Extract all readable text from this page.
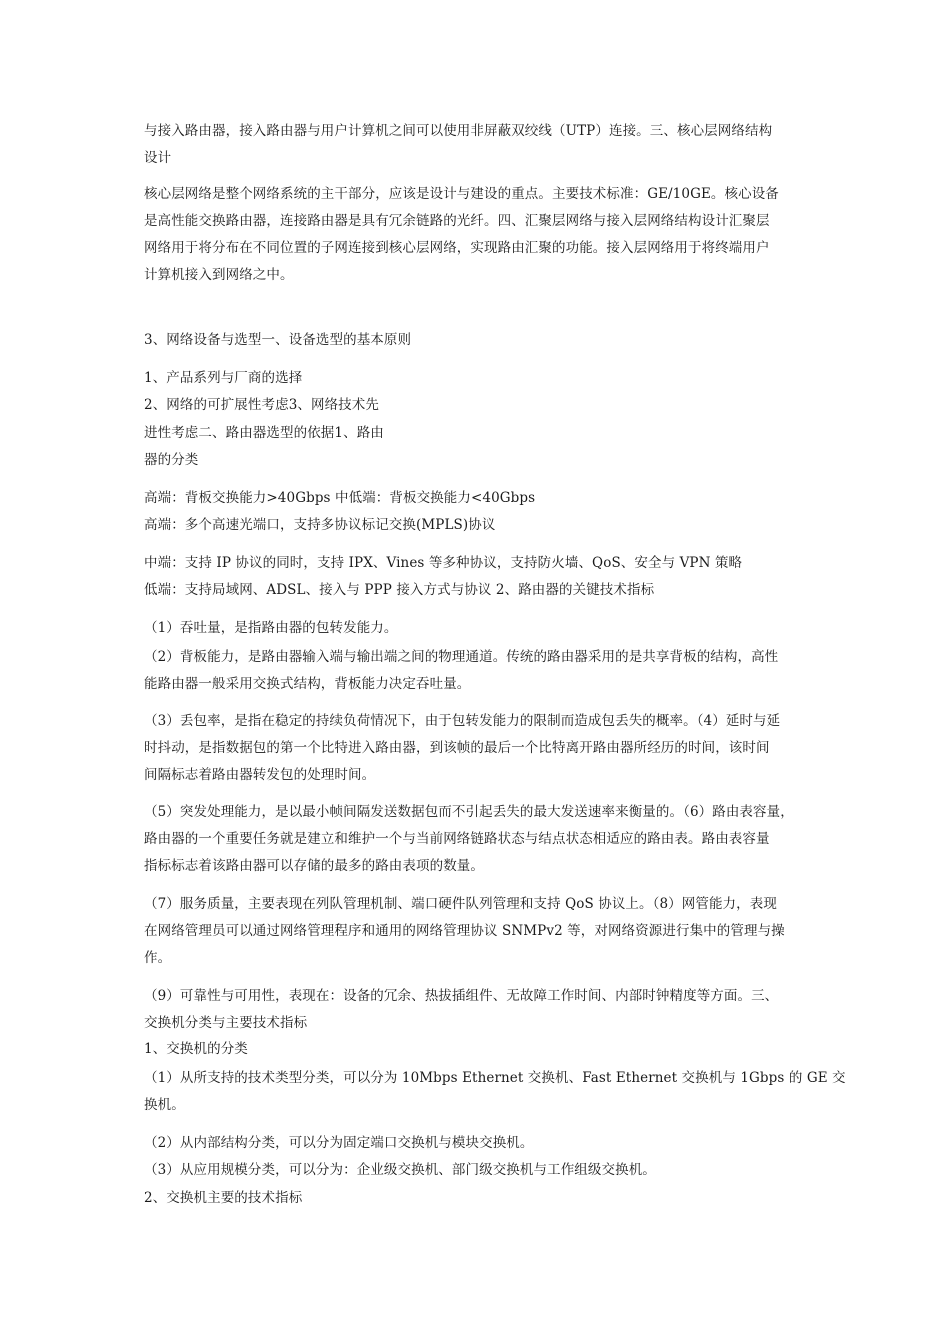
与接入路由器，接入路由器与用户计算机之间可以使用非屏蔽双绞线（UTP）连接。三、核心层网络结构
设计
核心层网络是整个网络系统的主干部分，应该是设计与建设的重点。主要技术标准：GE/10GE。核心设备
是高性能交换路由器，连接路由器是具有冗余链路的光纤。四、汇聚层网络与接入层网络结构设计汇聚层
网络用于将分布在不同位置的子网连接到核心层网络，实现路由汇聚的功能。接入层网络用于将终端用户
计算机接入到网络之中。
3、网络设备与选型一、设备选型的基本原则
1、产品系列与厂商的选择
2、网络的可扩展性考虑3、网络技术先
进性考虑二、路由器选型的依据1、路由
器的分类
高端：背板交换能力>40Gbps 中低端：背板交换能力<40Gbps
高端：多个高速光端口，支持多协议标记交换(MPLS)协议
中端：支持 IP 协议的同时，支持 IPX、Vines 等多种协议，支持防火墙、QoS、安全与 VPN 策略
低端：支持局域网、ADSL、接入与 PPP 接入方式与协议 2、路由器的关键技术指标
（1）吞吐量，是指路由器的包转发能力。
（2）背板能力，是路由器输入端与输出端之间的物理通道。传统的路由器采用的是共享背板的结构，高性
能路由器一般采用交换式结构，背板能力决定吞吐量。
（3）丢包率，是指在稳定的持续负荷情况下，由于包转发能力的限制而造成包丢失的概率。（4）延时与延
时抖动，是指数据包的第一个比特进入路由器，到该帧的最后一个比特离开路由器所经历的时间，该时间
间隔标志着路由器转发包的处理时间。
（5）突发处理能力，是以最小帧间隔发送数据包而不引起丢失的最大发送速率来衡量的。（6）路由表容量，
路由器的一个重要任务就是建立和维护一个与当前网络链路状态与结点状态相适应的路由表。路由表容量
指标标志着该路由器可以存储的最多的路由表项的数量。
（7）服务质量，主要表现在列队管理机制、端口硬件队列管理和支持 QoS 协议上。（8）网管能力，表现
在网络管理员可以通过网络管理程序和通用的网络管理协议 SNMPv2 等，对网络资源进行集中的管理与操
作。
（9）可靠性与可用性，表现在：设备的冗余、热拔插组件、无故障工作时间、内部时钟精度等方面。三、
交换机分类与主要技术指标
1、交换机的分类
（1）从所支持的技术类型分类，可以分为 10Mbps Ethernet 交换机、Fast Ethernet 交换机与 1Gbps 的 GE 交
换机。
（2）从内部结构分类，可以分为固定端口交换机与模块交换机。
（3）从应用规模分类，可以分为：企业级交换机、部门级交换机与工作组级交换机。
2、交换机主要的技术指标
